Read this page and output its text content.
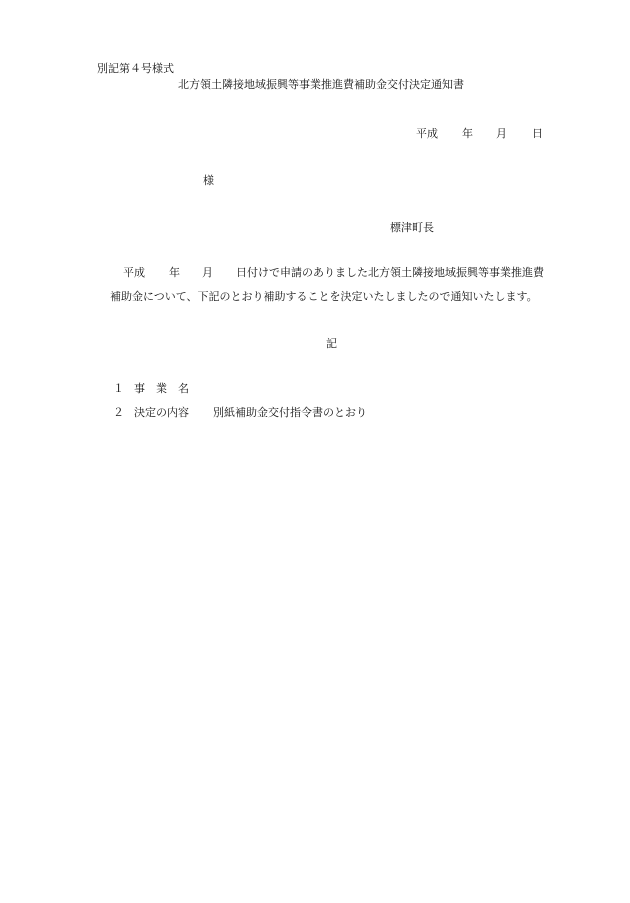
別記第４号様式
北方領土隣接地域振興等事業推進費補助金交付決定通知書
平成 年 月 日
様
標津町長
平成 年 月 日付けで申請のありました北方領土隣接地域振興等事業推進費
補助金について、下記のとおり補助することを決定いたしましたので通知いたします。
記
１ 事　業　名
２ 決定の内容 別紙補助金交付指令書のとおり
